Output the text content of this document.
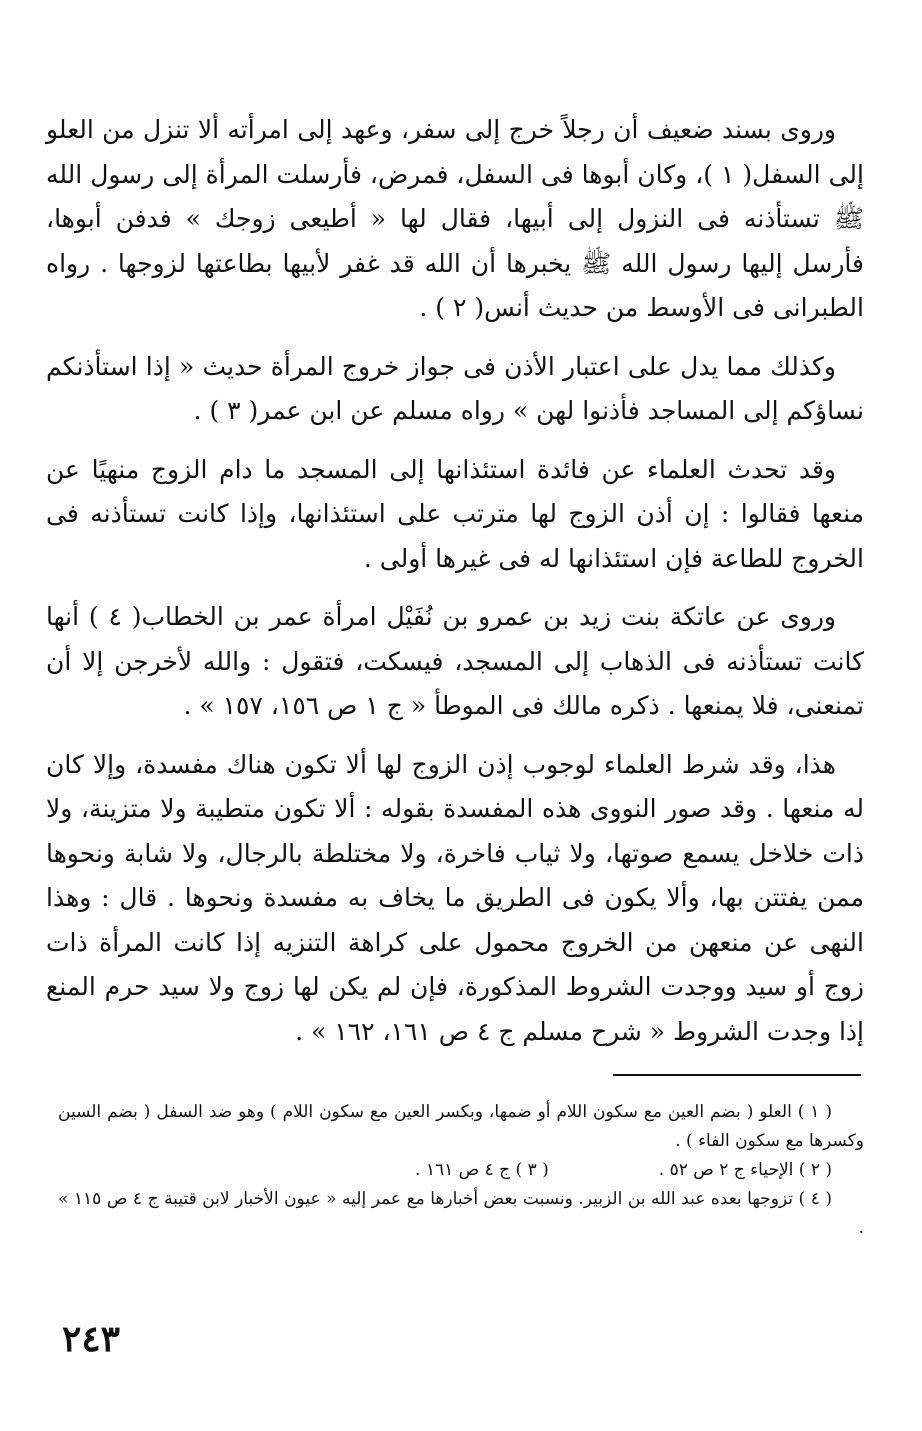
وروى بسند ضعيف أن رجلاً خرج إلى سفر، وعهد إلى امرأته ألا تنزل من العلو إلى السفل( ١ )، وكان أبوها فى السفل، فمرض، فأرسلت المرأة إلى رسول الله ﷺ تستأذنه فى النزول إلى أبيها، فقال لها « أطيعى زوجك » فدفن أبوها، فأرسل إليها رسول الله ﷺ يخبرها أن الله قد غفر لأبيها بطاعتها لزوجها . رواه الطبرانى فى الأوسط من حديث أنس( ٢ ) .

وكذلك مما يدل على اعتبار الأذن فى جواز خروج المرأة حديث « إذا استأذنكم نساؤكم إلى المساجد فأذنوا لهن » رواه مسلم عن ابن عمر( ٣ ) .

وقد تحدث العلماء عن فائدة استئذانها إلى المسجد ما دام الزوج منهيًا عن منعها فقالوا : إن أذن الزوج لها مترتب على استئذانها، وإذا كانت تستأذنه فى الخروج للطاعة فإن استئذانها له فى غيرها أولى .

وروى عن عاتكة بنت زيد بن عمرو بن نُفَيْل امرأة عمر بن الخطاب( ٤ ) أنها كانت تستأذنه فى الذهاب إلى المسجد، فيسكت، فتقول : والله لأخرجن إلا أن تمنعنى، فلا يمنعها . ذكره مالك فى الموطأ « ج ١ ص ١٥٦، ١٥٧ » .

هذا، وقد شرط العلماء لوجوب إذن الزوج لها ألا تكون هناك مفسدة، وإلا كان له منعها . وقد صور النووى هذه المفسدة بقوله : ألا تكون متطيبة ولا متزينة، ولا ذات خلاخل يسمع صوتها، ولا ثياب فاخرة، ولا مختلطة بالرجال، ولا شابة ونحوها ممن يفتتن بها، وألا يكون فى الطريق ما يخاف به مفسدة ونحوها . قال : وهذا النهى عن منعهن من الخروج محمول على كراهة التنزيه إذا كانت المرأة ذات زوج أو سيد ووجدت الشروط المذكورة، فإن لم يكن لها زوج ولا سيد حرم المنع إذا وجدت الشروط « شرح مسلم ج ٤ ص ١٦١، ١٦٢ » .

( ١ ) العلو ( بضم العين مع سكون اللام أو ضمها، وبكسر العين مع سكون اللام ) وهو ضد السفل ( بضم السين وكسرها مع سكون الفاء ) .

( ٢ ) الإحياء ج ٢ ص ٥٢ .
( ٣ ) ج ٤ ص ١٦١ .

( ٤ ) تزوجها بعده عبد الله بن الزبير. ونسبت بعض أخبارها مع عمر إليه « عيون الأخبار لابن قتيبة ج ٤ ص ١١٥ » .

٢٤٣
